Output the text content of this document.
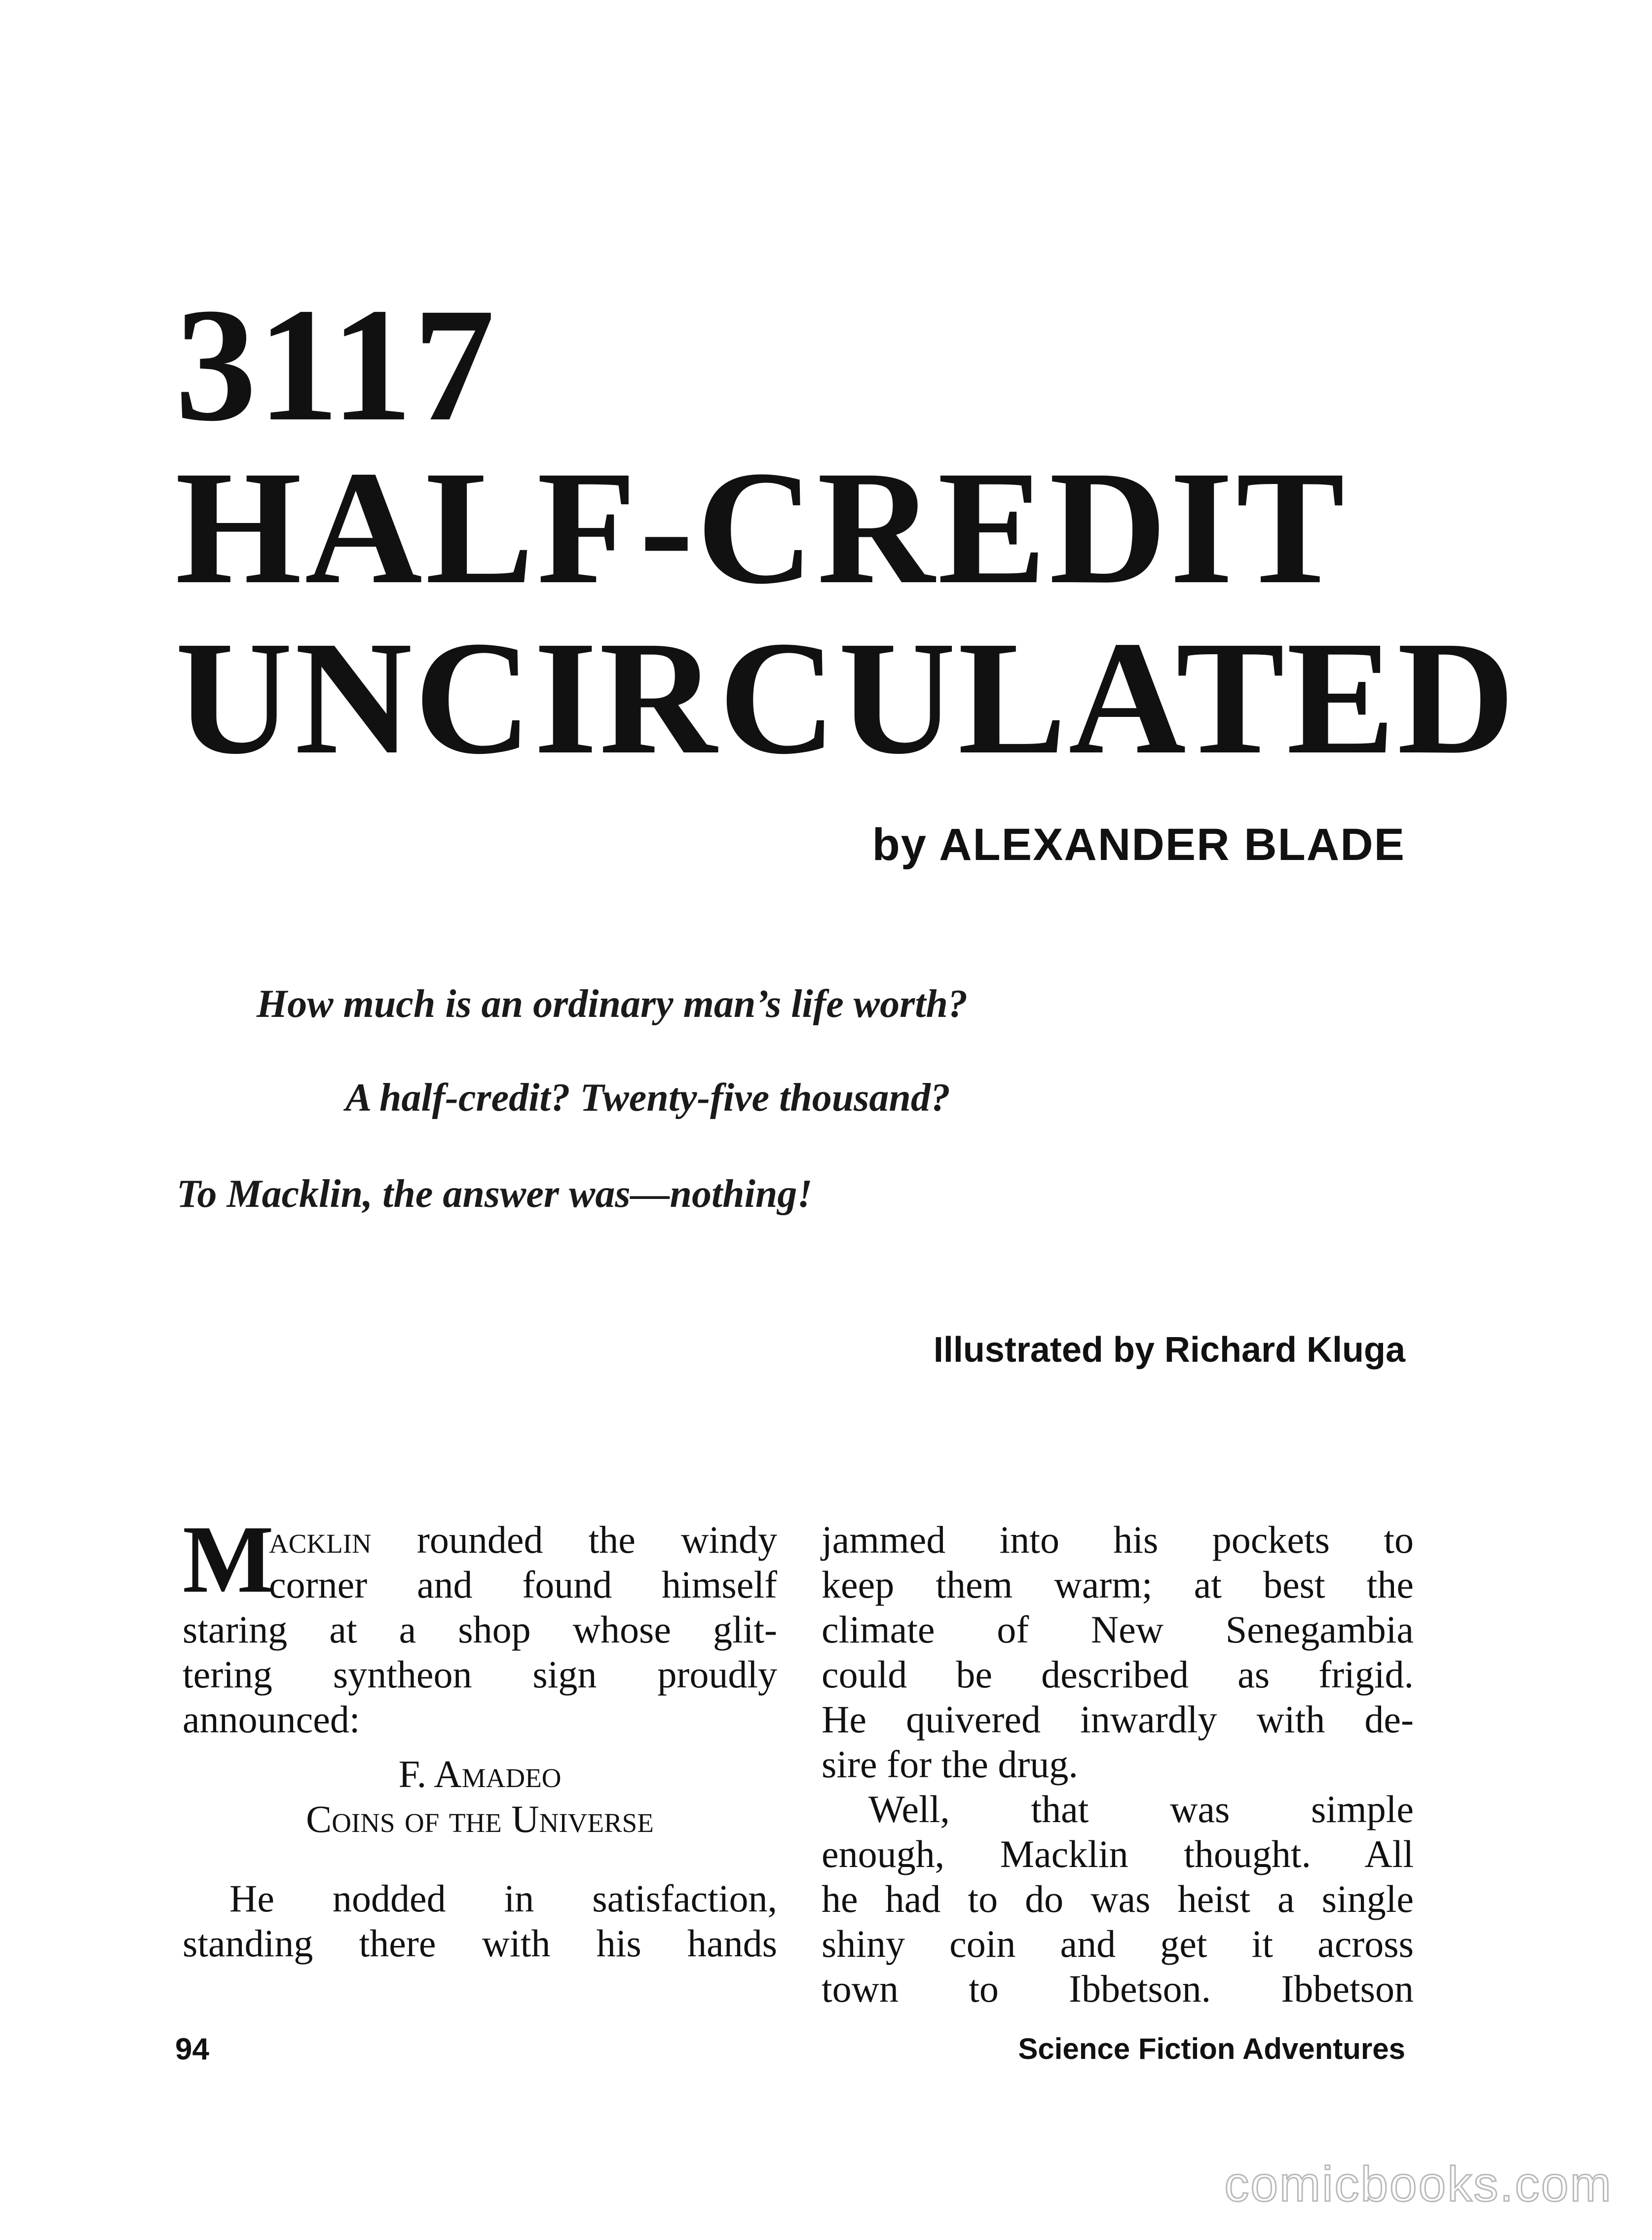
3117
HALF-CREDIT
UNCIRCULATED
by ALEXANDER BLADE
How much is an ordinary man’s life worth?
A half-credit? Twenty-five thousand?
To Macklin, the answer was—nothing!
Illustrated by Richard Kluga
M
acklin rounded the windy
corner and found himself
staring at a shop whose glit-
tering syntheon sign proudly
announced:
F. Amadeo
Coins of the Universe
He nodded in satisfaction,
standing there with his hands
jammed into his pockets to
keep them warm; at best the
climate of New Senegambia
could be described as frigid.
He quivered inwardly with de-
sire for the drug.
Well, that was simple
enough, Macklin thought. All
he had to do was heist a single
shiny coin and get it across
town to Ibbetson. Ibbetson
94	Science Fiction Adventures
comicbooks.com
